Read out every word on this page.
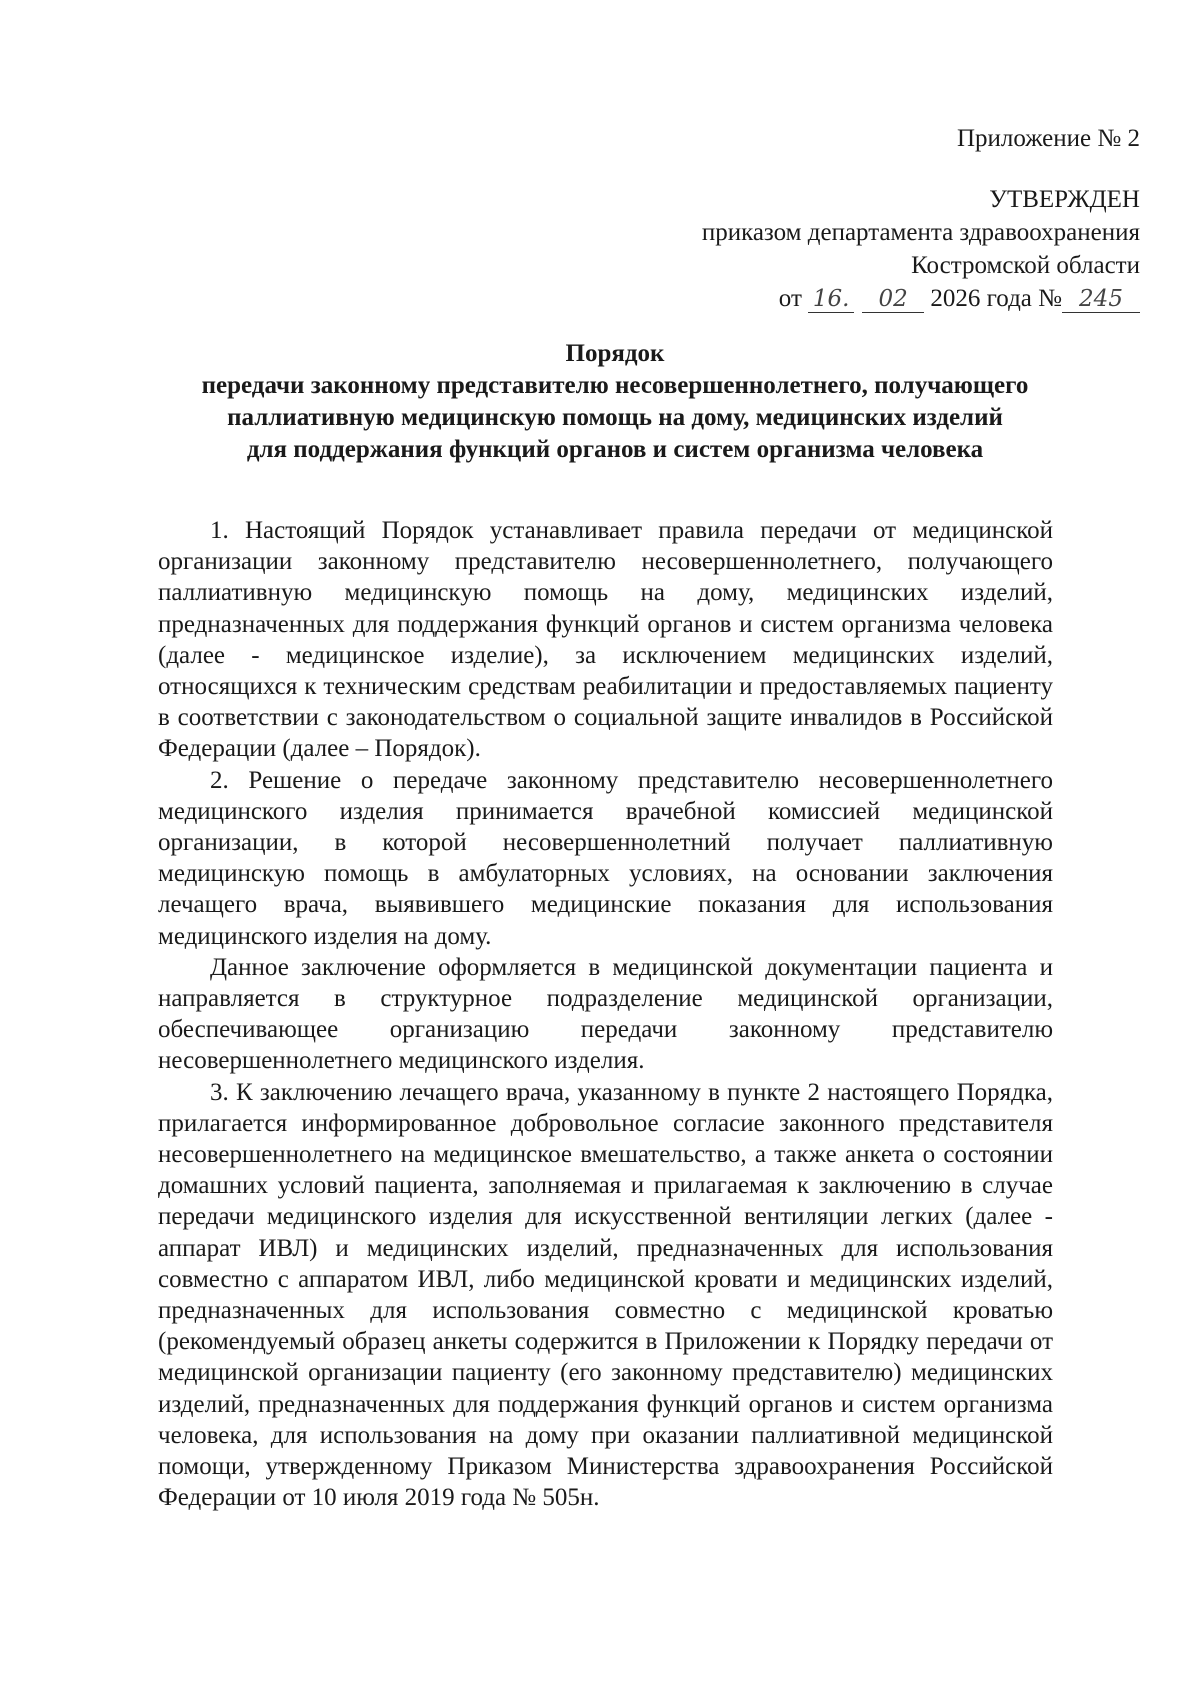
Приложение № 2
УТВЕРЖДЕН
приказом департамента здравоохранения
Костромской области
от 16. 02 2026 года № 245
Порядок
передачи законному представителю несовершеннолетнего, получающего
паллиативную медицинскую помощь на дому, медицинских изделий
для поддержания функций органов и систем организма человека

1. Настоящий Порядок устанавливает правила передачи от медицинской организации законному представителю несовершеннолетнего, получающего паллиативную медицинскую помощь на дому, медицинских изделий, предназначенных для поддержания функций органов и систем организма человека (далее - медицинское изделие), за исключением медицинских изделий, относящихся к техническим средствам реабилитации и предоставляемых пациенту в соответствии с законодательством о социальной защите инвалидов в Российской Федерации (далее – Порядок).

2. Решение о передаче законному представителю несовершеннолетнего медицинского изделия принимается врачебной комиссией медицинской организации, в которой несовершеннолетний получает паллиативную медицинскую помощь в амбулаторных условиях, на основании заключения лечащего врача, выявившего медицинские показания для использования медицинского изделия на дому.

Данное заключение оформляется в медицинской документации пациента и направляется в структурное подразделение медицинской организации, обеспечивающее организацию передачи законному представителю несовершеннолетнего медицинского изделия.

3. К заключению лечащего врача, указанному в пункте 2 настоящего Порядка, прилагается информированное добровольное согласие законного представителя несовершеннолетнего на медицинское вмешательство, а также анкета о состоянии домашних условий пациента, заполняемая и прилагаемая к заключению в случае передачи медицинского изделия для искусственной вентиляции легких (далее - аппарат ИВЛ) и медицинских изделий, предназначенных для использования совместно с аппаратом ИВЛ, либо медицинской кровати и медицинских изделий, предназначенных для использования совместно с медицинской кроватью (рекомендуемый образец анкеты содержится в Приложении к Порядку передачи от медицинской организации пациенту (его законному представителю) медицинских изделий, предназначенных для поддержания функций органов и систем организма человека, для использования на дому при оказании паллиативной медицинской помощи, утвержденному Приказом Министерства здравоохранения Российской Федерации от 10 июля 2019 года № 505н.
